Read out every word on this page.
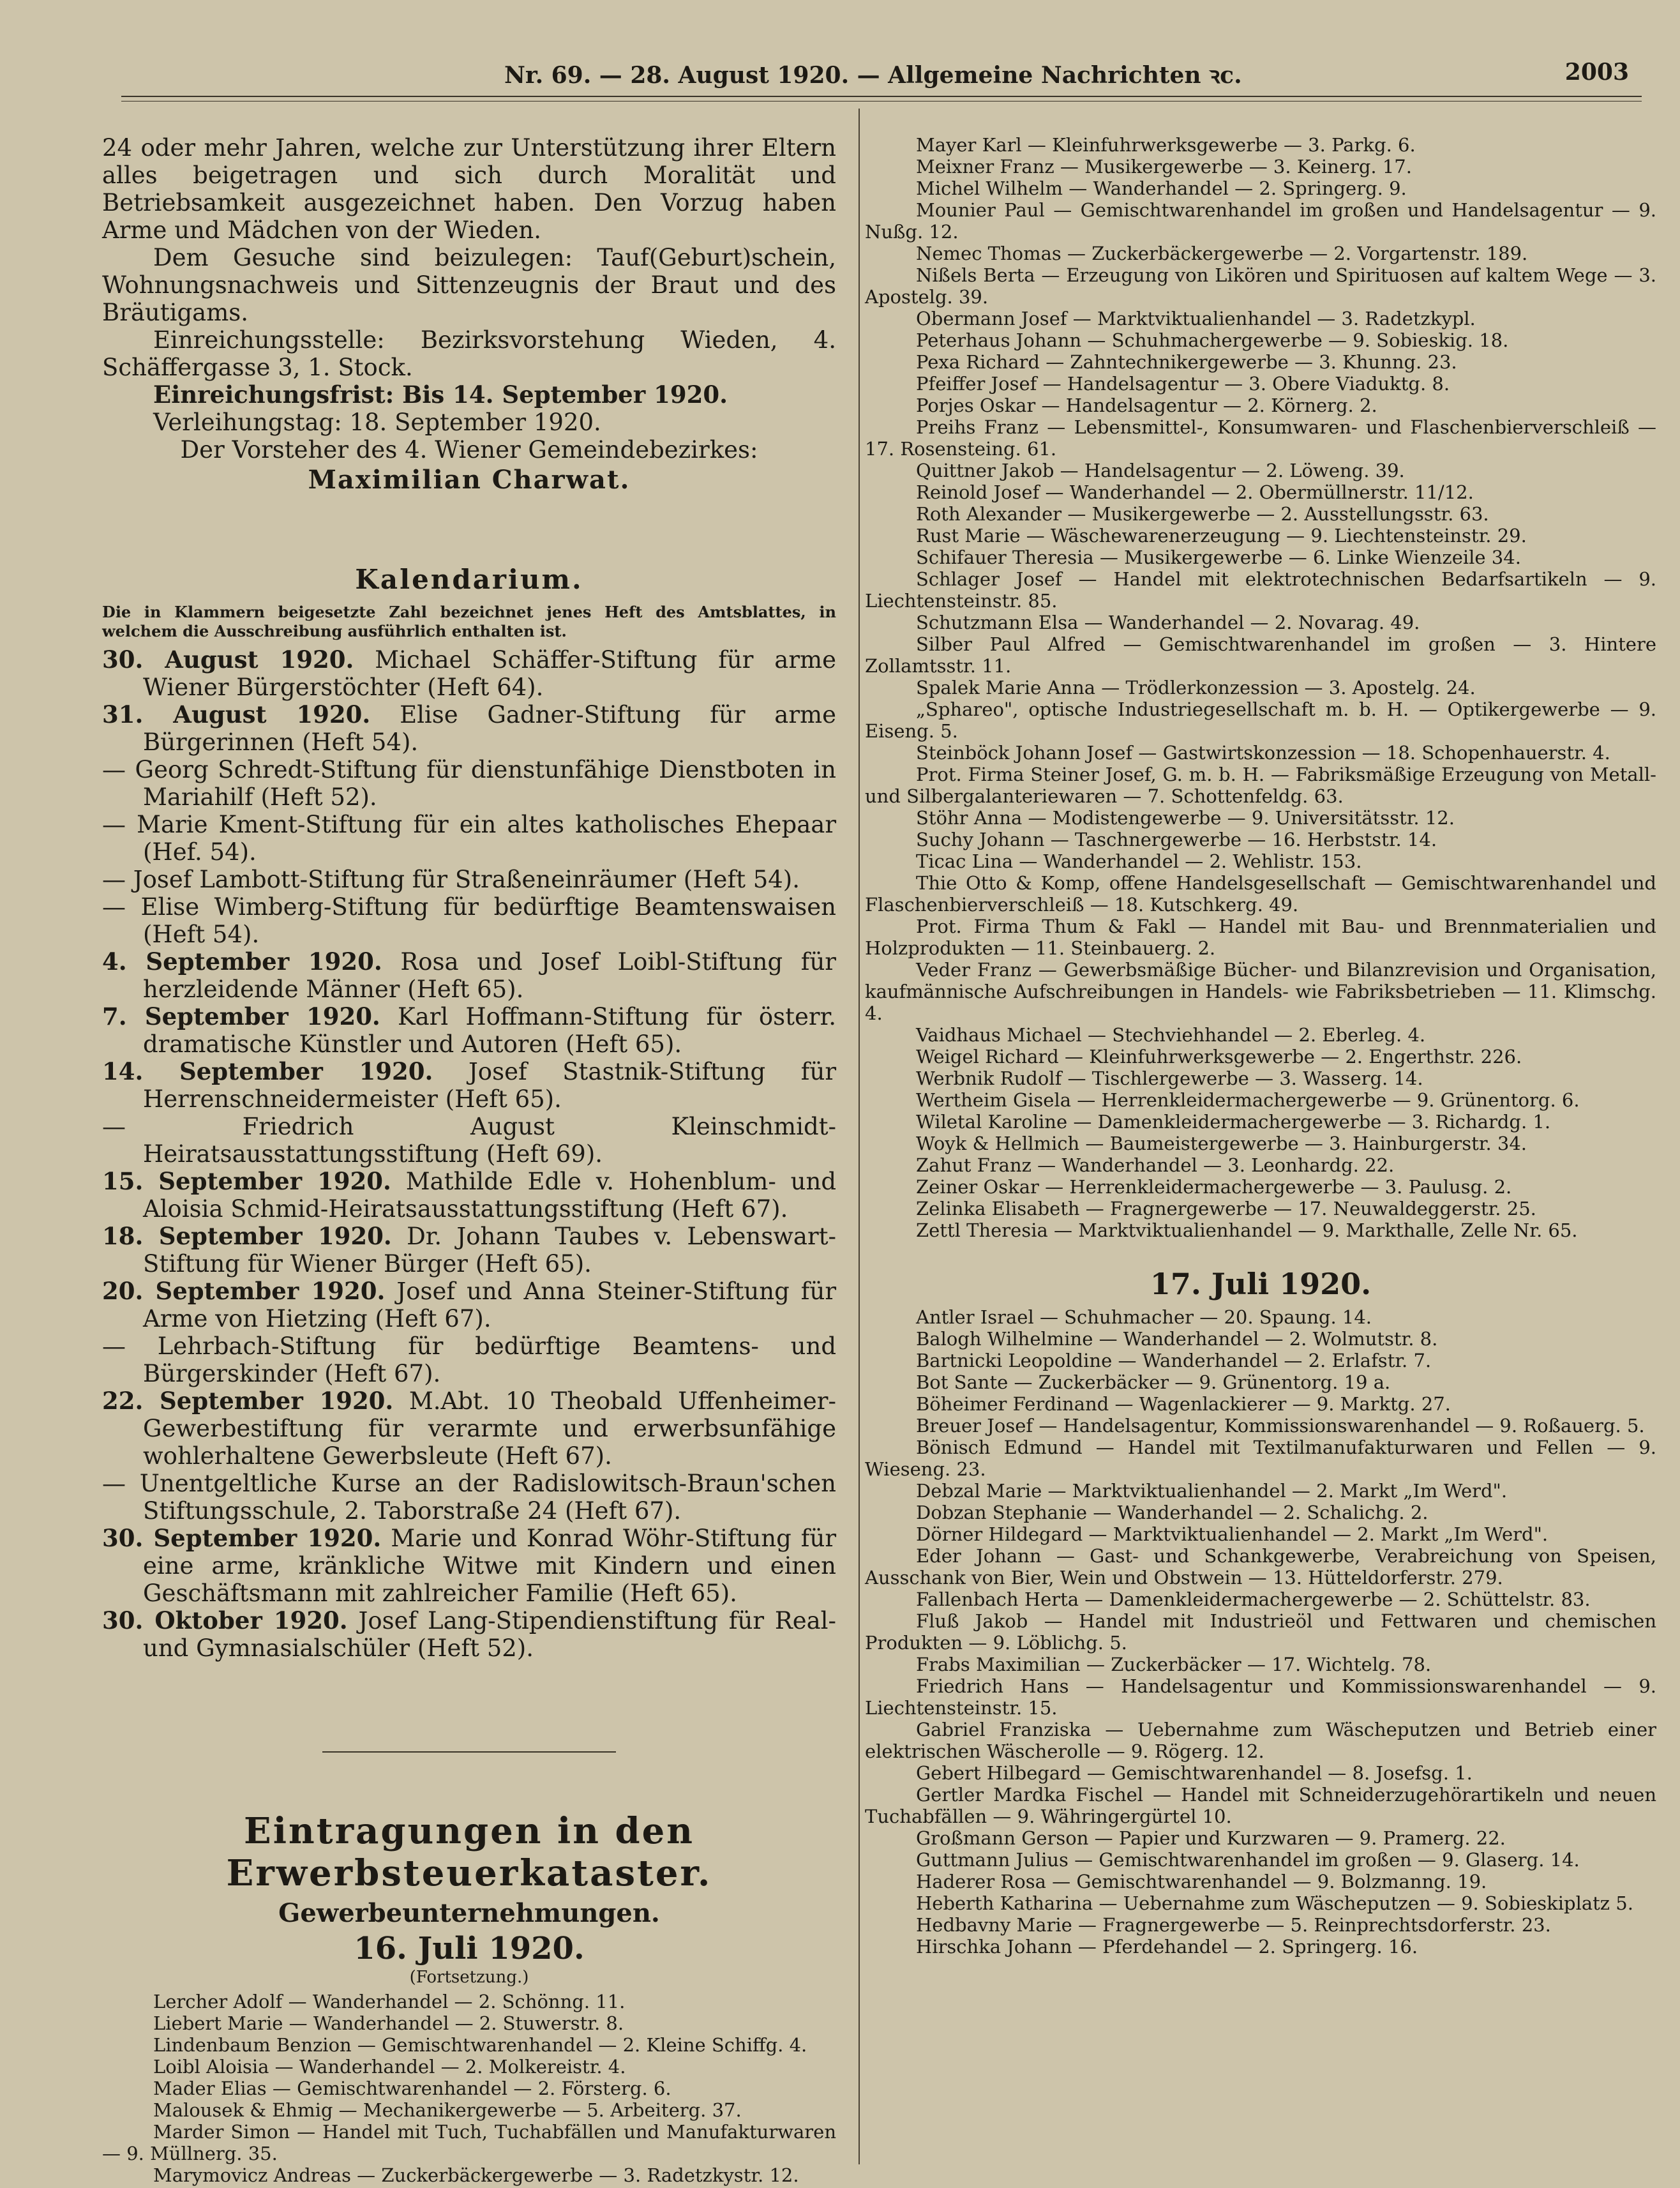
Nr. 69. — 28. August 1920. — Allgemeine Nachrichten ꝛc.	2003

24 oder mehr Jahren, welche zur Unterstützung ihrer Eltern alles beigetragen und sich durch Moralität und Betriebsamkeit ausgezeichnet haben. Den Vorzug haben Arme und Mädchen von der Wieden.

Dem Gesuche sind beizulegen: Tauf(Geburt)schein, Wohnungsnachweis und Sittenzeugnis der Braut und des Bräutigams.

Einreichungsstelle: Bezirksvorstehung Wieden, 4. Schäffergasse 3, 1. Stock.

Einreichungsfrist: Bis 14. September 1920.

Verleihungstag: 18. September 1920.

Der Vorsteher des 4. Wiener Gemeindebezirkes:

Maximilian Charwat.

Kalendarium.

Die in Klammern beigesetzte Zahl bezeichnet jenes Heft des Amtsblattes, in welchem die Ausschreibung ausführlich enthalten ist.

30. August 1920. Michael Schäffer-Stiftung für arme Wiener Bürgerstöchter (Heft 64).

31. August 1920. Elise Gadner-Stiftung für arme Bürgerinnen (Heft 54).

— Georg Schredt-Stiftung für dienstunfähige Dienstboten in Mariahilf (Heft 52).

— Marie Kment-Stiftung für ein altes katholisches Ehepaar (Hef. 54).

— Josef Lambott-Stiftung für Straßeneinräumer (Heft 54).

— Elise Wimberg-Stiftung für bedürftige Beamtenswaisen (Heft 54).

4. September 1920. Rosa und Josef Loibl-Stiftung für herzleidende Männer (Heft 65).

7. September 1920. Karl Hoffmann-Stiftung für österr. dramatische Künstler und Autoren (Heft 65).

14. September 1920. Josef Stastnik-Stiftung für Herrenschneidermeister (Heft 65).

—	Friedrich August Kleinschmidt-Heiratsausstattungsstiftung (Heft 69).

15. September 1920. Mathilde Edle v. Hohenblum- und Aloisia Schmid-Heiratsausstattungsstiftung (Heft 67).

18. September 1920. Dr. Johann Taubes v. Lebenswart-Stiftung für Wiener Bürger (Heft 65).

20. September 1920. Josef und Anna Steiner-Stiftung für Arme von Hietzing (Heft 67).

— Lehrbach-Stiftung für bedürftige Beamtens- und Bürgerskinder (Heft 67).

22. September 1920. M.Abt. 10 Theobald Uffenheimer-Gewerbestiftung für verarmte und erwerbsunfähige wohlerhaltene Gewerbsleute (Heft 67).

— Unentgeltliche Kurse an der Radislowitsch-Braun'schen Stiftungsschule, 2. Taborstraße 24 (Heft 67).

30. September 1920. Marie und Konrad Wöhr-Stiftung für eine arme, kränkliche Witwe mit Kindern und einen Geschäftsmann mit zahlreicher Familie (Heft 65).

30. Oktober 1920. Josef Lang-Stipendienstiftung für Real- und Gymnasialschüler (Heft 52).

Eintragungen in den Erwerbsteuerkataster.

Gewerbeunternehmungen.

16. Juli 1920.

(Fortsetzung.)

Lercher Adolf — Wanderhandel — 2. Schönng. 11.

Liebert Marie — Wanderhandel — 2. Stuwerstr. 8.

Lindenbaum Benzion — Gemischtwarenhandel — 2. Kleine Schiffg. 4.

Loibl Aloisia — Wanderhandel — 2. Molkereistr. 4.

Mader Elias — Gemischtwarenhandel — 2. Försterg. 6.

Malousek & Ehmig — Mechanikergewerbe — 5. Arbeiterg. 37.

Marder Simon — Handel mit Tuch, Tuchabfällen und Manufakturwaren — 9. Müllnerg. 35.

Marymovicz Andreas — Zuckerbäckergewerbe — 3. Radetzkystr. 12.

Mayer Karl — Kleinfuhrwerksgewerbe — 3. Parkg. 6.

Meixner Franz — Musikergewerbe — 3. Keinerg. 17.

Michel Wilhelm — Wanderhandel — 2. Springerg. 9.

Mounier Paul — Gemischtwarenhandel im großen und Handelsagentur — 9. Nußg. 12.

Nemec Thomas — Zuckerbäckergewerbe — 2. Vorgartenstr. 189.

Nißels Berta — Erzeugung von Likören und Spirituosen auf kaltem Wege — 3. Apostelg. 39.

Obermann Josef — Marktviktualienhandel — 3. Radetzkypl.

Peterhaus Johann — Schuhmachergewerbe — 9. Sobieskig. 18.

Pexa Richard — Zahntechnikergewerbe — 3. Khunng. 23.

Pfeiffer Josef — Handelsagentur — 3. Obere Viaduktg. 8.

Porjes Oskar — Handelsagentur — 2. Körnerg. 2.

Preihs Franz — Lebensmittel-, Konsumwaren- und Flaschenbierverschleiß — 17. Rosensteing. 61.

Quittner Jakob — Handelsagentur — 2. Löweng. 39.

Reinold Josef — Wanderhandel — 2. Obermüllnerstr. 11/12.

Roth Alexander — Musikergewerbe — 2. Ausstellungsstr. 63.

Rust Marie — Wäschewarenerzeugung — 9. Liechtensteinstr. 29.

Schifauer Theresia — Musikergewerbe — 6. Linke Wienzeile 34.

Schlager Josef — Handel mit elektrotechnischen Bedarfsartikeln — 9. Liechtensteinstr. 85.

Schutzmann Elsa — Wanderhandel — 2. Novarag. 49.

Silber Paul Alfred — Gemischtwarenhandel im großen — 3. Hintere Zollamtsstr. 11.

Spalek Marie Anna — Trödlerkonzession — 3. Apostelg. 24.

„Sphareo", optische Industriegesellschaft m. b. H. — Optikergewerbe — 9. Eiseng. 5.

Steinböck Johann Josef — Gastwirtskonzession — 18. Schopenhauerstr. 4.

Prot. Firma Steiner Josef, G. m. b. H. — Fabriksmäßige Erzeugung von Metall- und Silbergalanteriewaren — 7. Schottenfeldg. 63.

Stöhr Anna — Modistengewerbe — 9. Universitätsstr. 12.

Suchy Johann — Taschnergewerbe — 16. Herbststr. 14.

Ticac Lina — Wanderhandel — 2. Wehlistr. 153.

Thie Otto & Komp, offene Handelsgesellschaft — Gemischtwarenhandel und Flaschenbierverschleiß — 18. Kutschkerg. 49.

Prot. Firma Thum & Fakl — Handel mit Bau- und Brennmaterialien und Holzprodukten — 11. Steinbauerg. 2.

Veder Franz — Gewerbsmäßige Bücher- und Bilanzrevision und Organisation, kaufmännische Aufschreibungen in Handels- wie Fabriksbetrieben — 11. Klimschg. 4.

Vaidhaus Michael — Stechviehhandel — 2. Eberleg. 4.

Weigel Richard — Kleinfuhrwerksgewerbe — 2. Engerthstr. 226.

Werbnik Rudolf — Tischlergewerbe — 3. Wasserg. 14.

Wertheim Gisela — Herrenkleidermachergewerbe — 9. Grünentorg. 6.

Wiletal Karoline — Damenkleidermachergewerbe — 3. Richardg. 1.

Woyk & Hellmich — Baumeistergewerbe — 3. Hainburgerstr. 34.

Zahut Franz — Wanderhandel — 3. Leonhardg. 22.

Zeiner Oskar — Herrenkleidermachergewerbe — 3. Paulusg. 2.

Zelinka Elisabeth — Fragnergewerbe — 17. Neuwaldeggerstr. 25.

Zettl Theresia — Marktviktualienhandel — 9. Markthalle, Zelle Nr. 65.

17. Juli 1920.

Antler Israel — Schuhmacher — 20. Spaung. 14.

Balogh Wilhelmine — Wanderhandel — 2. Wolmutstr. 8.

Bartnicki Leopoldine — Wanderhandel — 2. Erlafstr. 7.

Bot Sante — Zuckerbäcker — 9. Grünentorg. 19 a.

Böheimer Ferdinand — Wagenlackierer — 9. Marktg. 27.

Breuer Josef — Handelsagentur, Kommissionswarenhandel — 9. Roßauerg. 5.

Bönisch Edmund — Handel mit Textilmanufakturwaren und Fellen — 9. Wieseng. 23.

Debzal Marie — Marktviktualienhandel — 2. Markt „Im Werd".

Dobzan Stephanie — Wanderhandel — 2. Schalichg. 2.

Dörner Hildegard — Marktviktualienhandel — 2. Markt „Im Werd".

Eder Johann — Gast- und Schankgewerbe, Verabreichung von Speisen, Ausschank von Bier, Wein und Obstwein — 13. Hütteldorferstr. 279.

Fallenbach Herta — Damenkleidermachergewerbe — 2. Schüttelstr. 83.

Fluß Jakob — Handel mit Industrieöl und Fettwaren und chemischen Produkten — 9. Löblichg. 5.

Frabs Maximilian — Zuckerbäcker — 17. Wichtelg. 78.

Friedrich Hans — Handelsagentur und Kommissionswarenhandel — 9. Liechtensteinstr. 15.

Gabriel Franziska — Uebernahme zum Wäscheputzen und Betrieb einer elektrischen Wäscherolle — 9. Rögerg. 12.

Gebert Hilbegard — Gemischtwarenhandel — 8. Josefsg. 1.

Gertler Mardka Fischel — Handel mit Schneiderzugehörartikeln und neuen Tuchabfällen — 9. Währingergürtel 10.

Großmann Gerson — Papier und Kurzwaren — 9. Pramerg. 22.

Guttmann Julius — Gemischtwarenhandel im großen — 9. Glaserg. 14.

Haderer Rosa — Gemischtwarenhandel — 9. Bolzmanng. 19.

Heberth Katharina — Uebernahme zum Wäscheputzen — 9. Sobieskiplatz 5.

Hedbavny Marie — Fragnergewerbe — 5. Reinprechtsdorferstr. 23.

Hirschka Johann — Pferdehandel — 2. Springerg. 16.
